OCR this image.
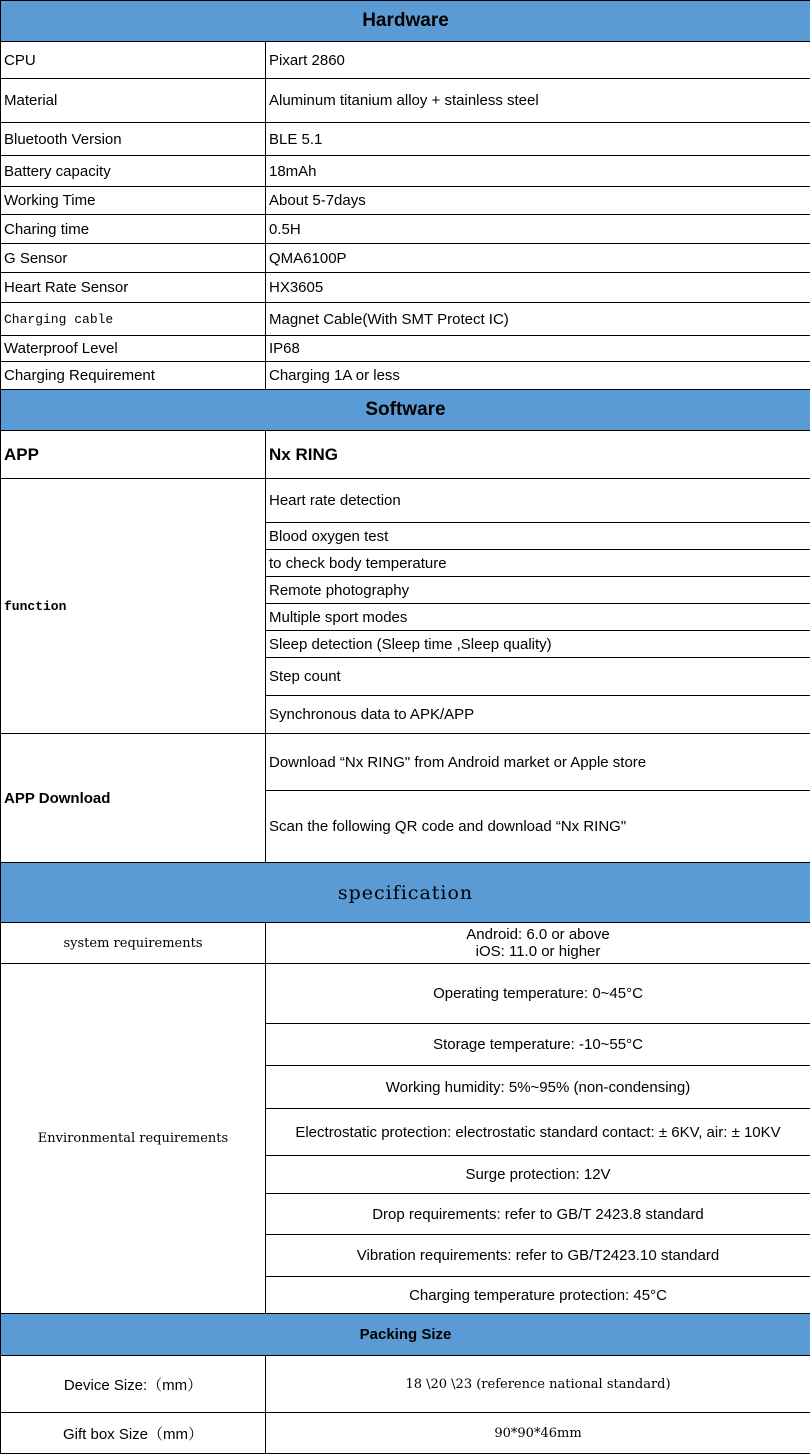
Hardware	
CPU	Pixart 2860
Material	Aluminum titanium alloy + stainless steel
Bluetooth Version	BLE 5.1
Battery capacity	18mAh
Working Time	About 5-7days
Charing time	0.5H
G Sensor	QMA6100P
Heart Rate Sensor	HX3605
Charging cable	Magnet Cable(With SMT Protect IC)
Waterproof Level	IP68
Charging Requirement	Charging 1A or less
Software	
APP	Nx RING
function	Heart rate detection
	Blood oxygen test
	to check body temperature
	Remote photography
	Multiple sport modes
	Sleep detection (Sleep time ,Sleep quality)
	Step count
	Synchronous data to APK/APP
APP Download	Download “Nx RING" from Android market or Apple store
	Scan the following QR code and download “Nx RING"
specification	
system requirements	Android: 6.0 or above
iOS: 11.0 or higher

Environmental requirements	Operating temperature: 0~45°C
	Storage temperature: -10~55°C
	Working humidity: 5%~95% (non-condensing)
	Electrostatic protection: electrostatic standard contact: ± 6KV, air: ± 10KV
	Surge protection: 12V
	Drop requirements: refer to GB/T 2423.8 standard
	Vibration requirements: refer to GB/T2423.10 standard
	Charging temperature protection: 45°C
Packing Size	
Device Size:（mm）	18 \20 \23 (reference national standard)
Gift box Size（mm）	90*90*46mm
